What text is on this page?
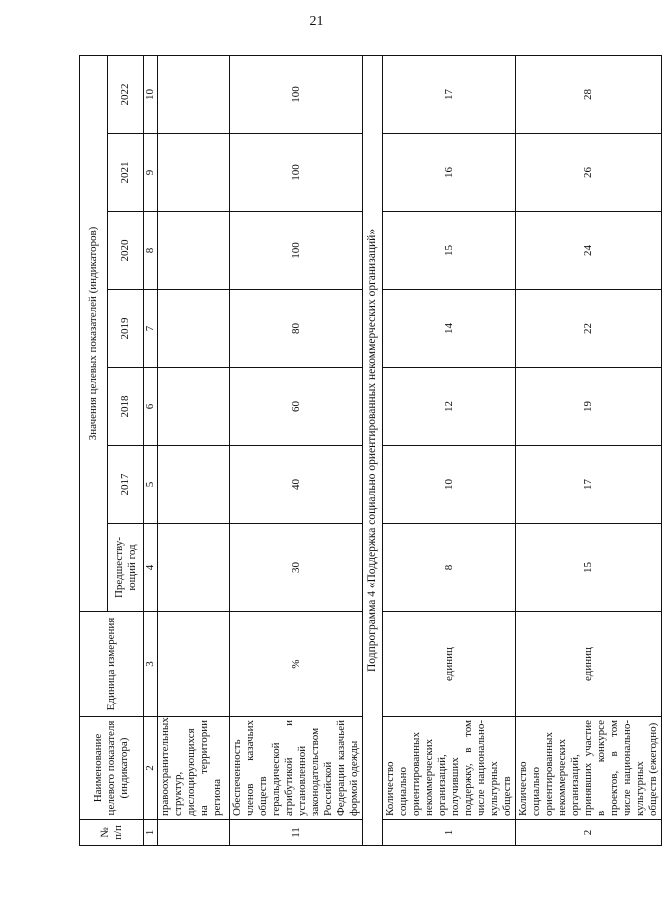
21
№ п/п	Наименование целевого показателя (индикатора)	Единица измерения	Значения целевых показателей (индикаторов)						
			Предшеству-ющий год	2017	2018	2019	2020	2021	2022
1	2	3	4	5	6	7	8	9	10
	правоохранительных структур, дислоцирующихся на территории региона								
11	Обеспеченность членов казачьих обществ геральдической атрибутикой и установленной законодательством Российской Федерации казачьей формой одежды	%	30	40	60	80	100	100	100
Подпрограмма 4 «Поддержка социально ориентированных некоммерческих организаций»									
1	Количество социально ориентированных некоммерческих организаций, получивших поддержку, в том числе национально-культурных обществ	единиц	8	10	12	14	15	16	17
2	Количество социально ориентированных некоммерческих организаций, принявших участие в конкурсе проектов, в том числе национально-культурных обществ (ежегодно)	единиц	15	17	19	22	24	26	28
